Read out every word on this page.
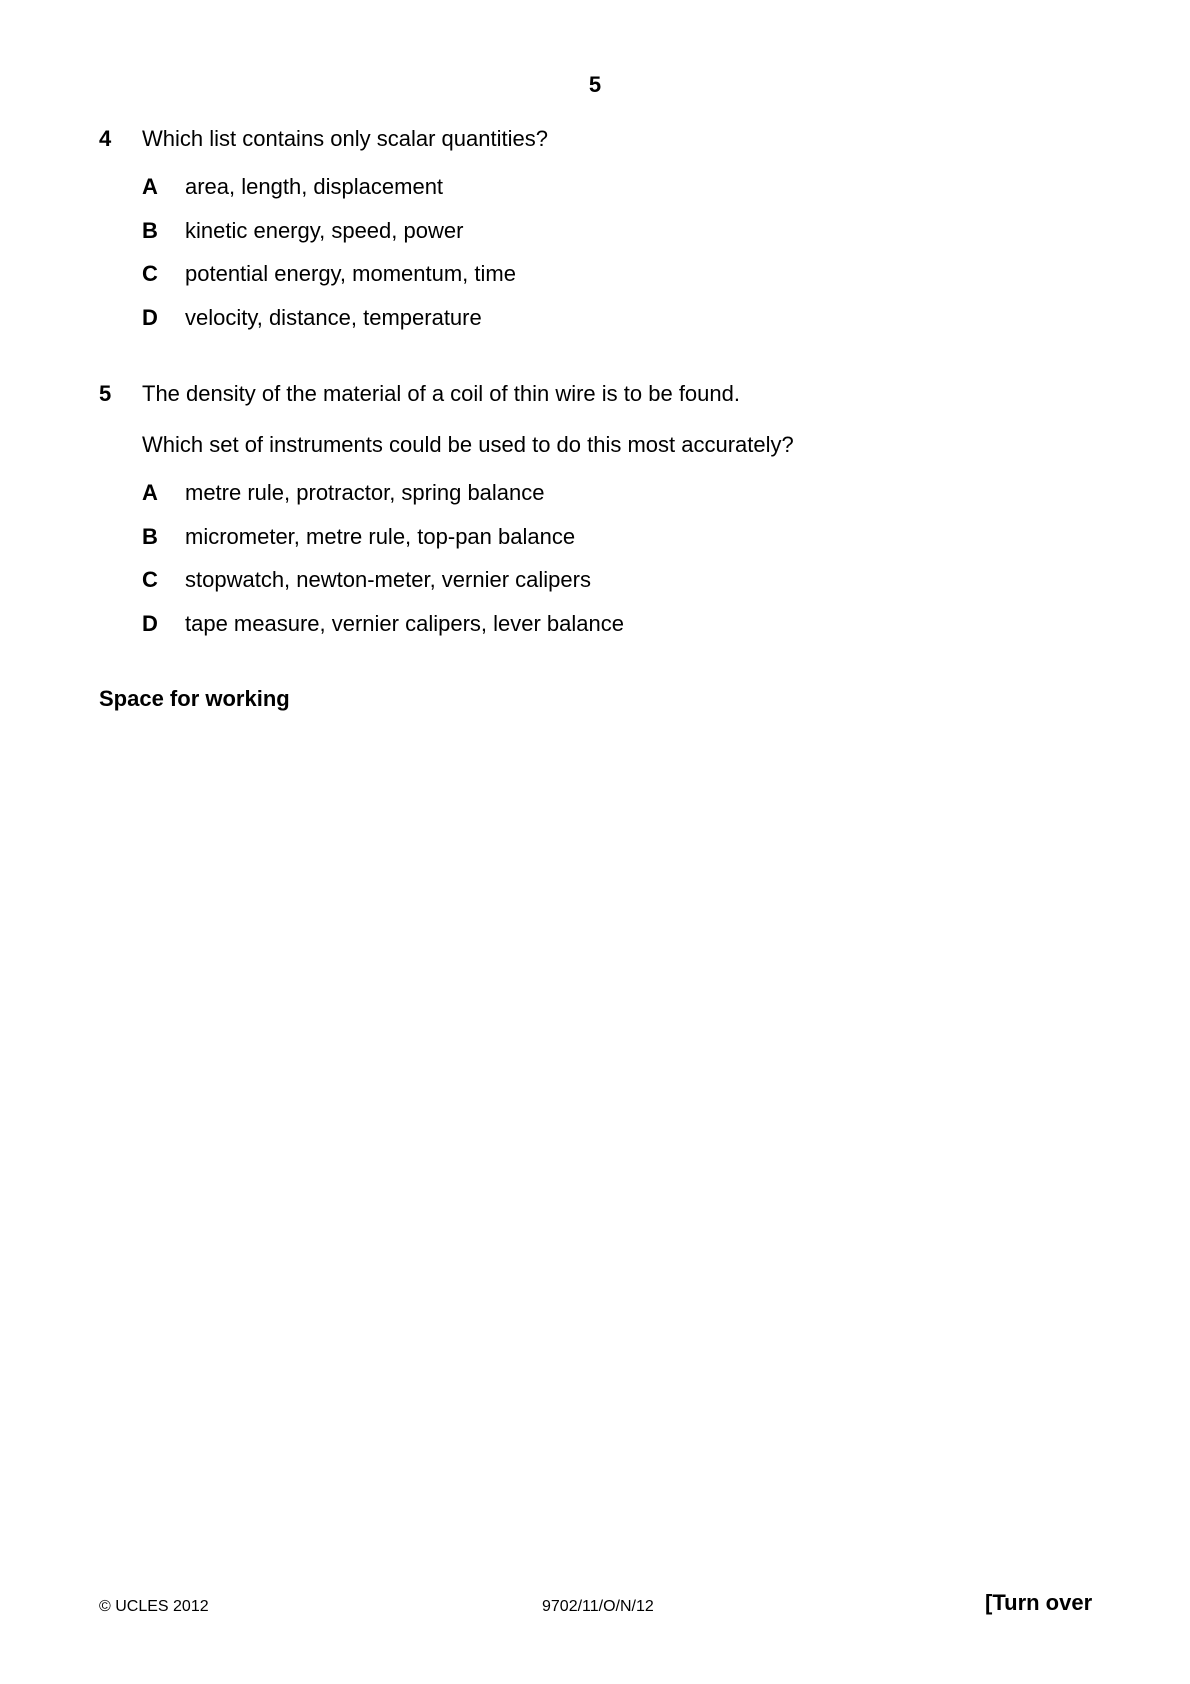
5
4 Which list contains only scalar quantities?
A area, length, displacement
B kinetic energy, speed, power
C potential energy, momentum, time
D velocity, distance, temperature
5 The density of the material of a coil of thin wire is to be found.
Which set of instruments could be used to do this most accurately?
A metre rule, protractor, spring balance
B micrometer, metre rule, top-pan balance
C stopwatch, newton-meter, vernier calipers
D tape measure, vernier calipers, lever balance
Space for working
© UCLES 2012	9702/11/O/N/12	[Turn over
